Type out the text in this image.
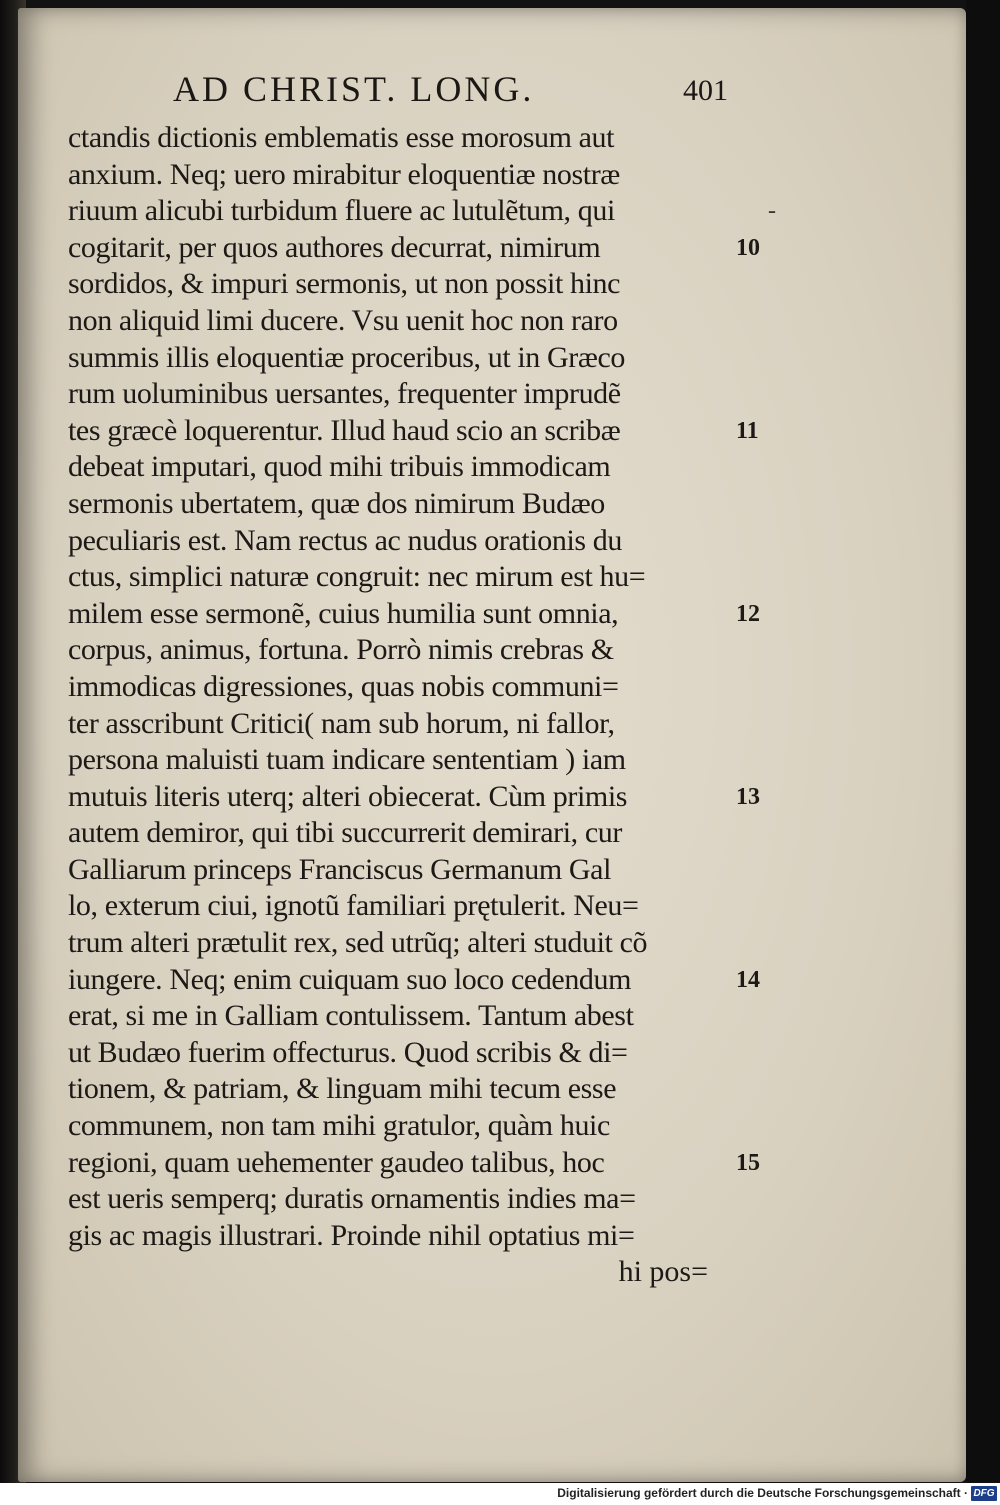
AD CHRIST. LONG.	401
ctandis dictionis emblematis esse morosum aut
anxium. Neq; uero mirabitur eloquentiæ nostræ
riuum alicubi turbidum fluere ac lutulẽtum, qui	-
cogitarit, per quos authores decurrat, nimirum	10
sordidos, & impuri sermonis, ut non possit hinc
non aliquid limi ducere. Vsu uenit hoc non raro
summis illis eloquentiæ proceribus, ut in Græco
rum uoluminibus uersantes, frequenter imprudẽ
tes græcè loquerentur. Illud haud scio an scribæ	11
debeat imputari, quod mihi tribuis immodicam
sermonis ubertatem, quæ dos nimirum Budæo
peculiaris est. Nam rectus ac nudus orationis du
ctus, simplici naturæ congruit: nec mirum est hu=
milem esse sermonẽ, cuius humilia sunt omnia,	12
corpus, animus, fortuna. Porrò nimis crebras &
immodicas digressiones, quas nobis communi=
ter asscribunt Critici( nam sub horum, ni fallor,
persona maluisti tuam indicare sententiam ) iam
mutuis literis uterq; alteri obiecerat. Cùm primis	13
autem demiror, qui tibi succurrerit demirari, cur
Galliarum princeps Franciscus Germanum Gal
lo, exterum ciui, ignotũ familiari prętulerit. Neu=
trum alteri prætulit rex, sed utrũq; alteri studuit cõ
iungere. Neq; enim cuiquam suo loco cedendum	14
erat, si me in Galliam contulissem. Tantum abest
ut Budæo fuerim offecturus. Quod scribis & di=
tionem, & patriam, & linguam mihi tecum esse
communem, non tam mihi gratulor, quàm huic
regioni, quam uehementer gaudeo talibus, hoc	15
est ueris semperq; duratis ornamentis indies ma=
gis ac magis illustrari. Proinde nihil optatius mi=
hi pos=
Digitalisierung gefördert durch die Deutsche Forschungsgemeinschaft · DFG
